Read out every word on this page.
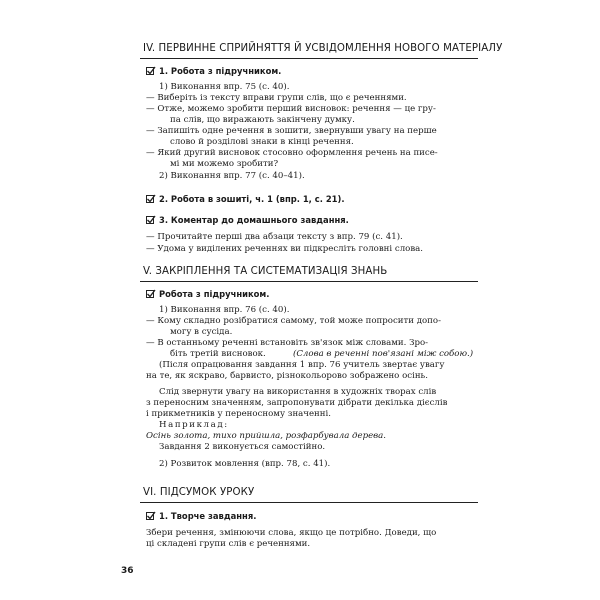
IV. ПЕРВИННЕ СПРИЙНЯТТЯ Й УСВІДОМЛЕННЯ НОВОГО МАТЕРІАЛУ
1. Робота з підручником.
1) Виконання впр. 75 (с. 40).
— Виберіть із тексту вправи групи слів, що є реченнями.
— Отже, можемо зробити перший висновок: речення — це гру-
па слів, що виражають закінчену думку.
— Запишіть одне речення в зошити, звернувши увагу на перше
слово й розділові знаки в кінці речення.
— Який другий висновок стосовно оформлення речень на писе-
мі ми можемо зробити?
2) Виконання впр. 77 (с. 40–41).
2. Робота в зошиті, ч. 1 (впр. 1, с. 21).
3. Коментар до домашнього завдання.
— Прочитайте перші два абзаци тексту з впр. 79 (с. 41).
— Удома у виділених реченнях ви підкресліть головні слова.
V. ЗАКРІПЛЕННЯ ТА СИСТЕМАТИЗАЦІЯ ЗНАНЬ
Робота з підручником.
1) Виконання впр. 76 (с. 40).
— Кому складно розібратися самому, той може попросити допо-
могу в сусіда.
— В останньому реченні встановіть зв'язок між словами. Зро-
біть третій висновок.	(Слова в реченні пов'язані між собою.)
(Після опрацювання завдання 1 впр. 76 учитель звертає увагу
на те, як яскраво, барвисто, різнокольорово зображено осінь.
Слід звернути увагу на використання в художніх творах слів
з переносним значенням, запропонувати дібрати декілька дієслів
і прикметників у переносному значенні.
Наприклад:
Осінь золота, тихо прийшла, розфарбувала дерева.
Завдання 2 виконується самостійно.
2) Розвиток мовлення (впр. 78, с. 41).
VI. ПІДСУМОК УРОКУ
1. Творче завдання.
Збери речення, змінюючи слова, якщо це потрібно. Доведи, що
ці складені групи слів є реченнями.
36
